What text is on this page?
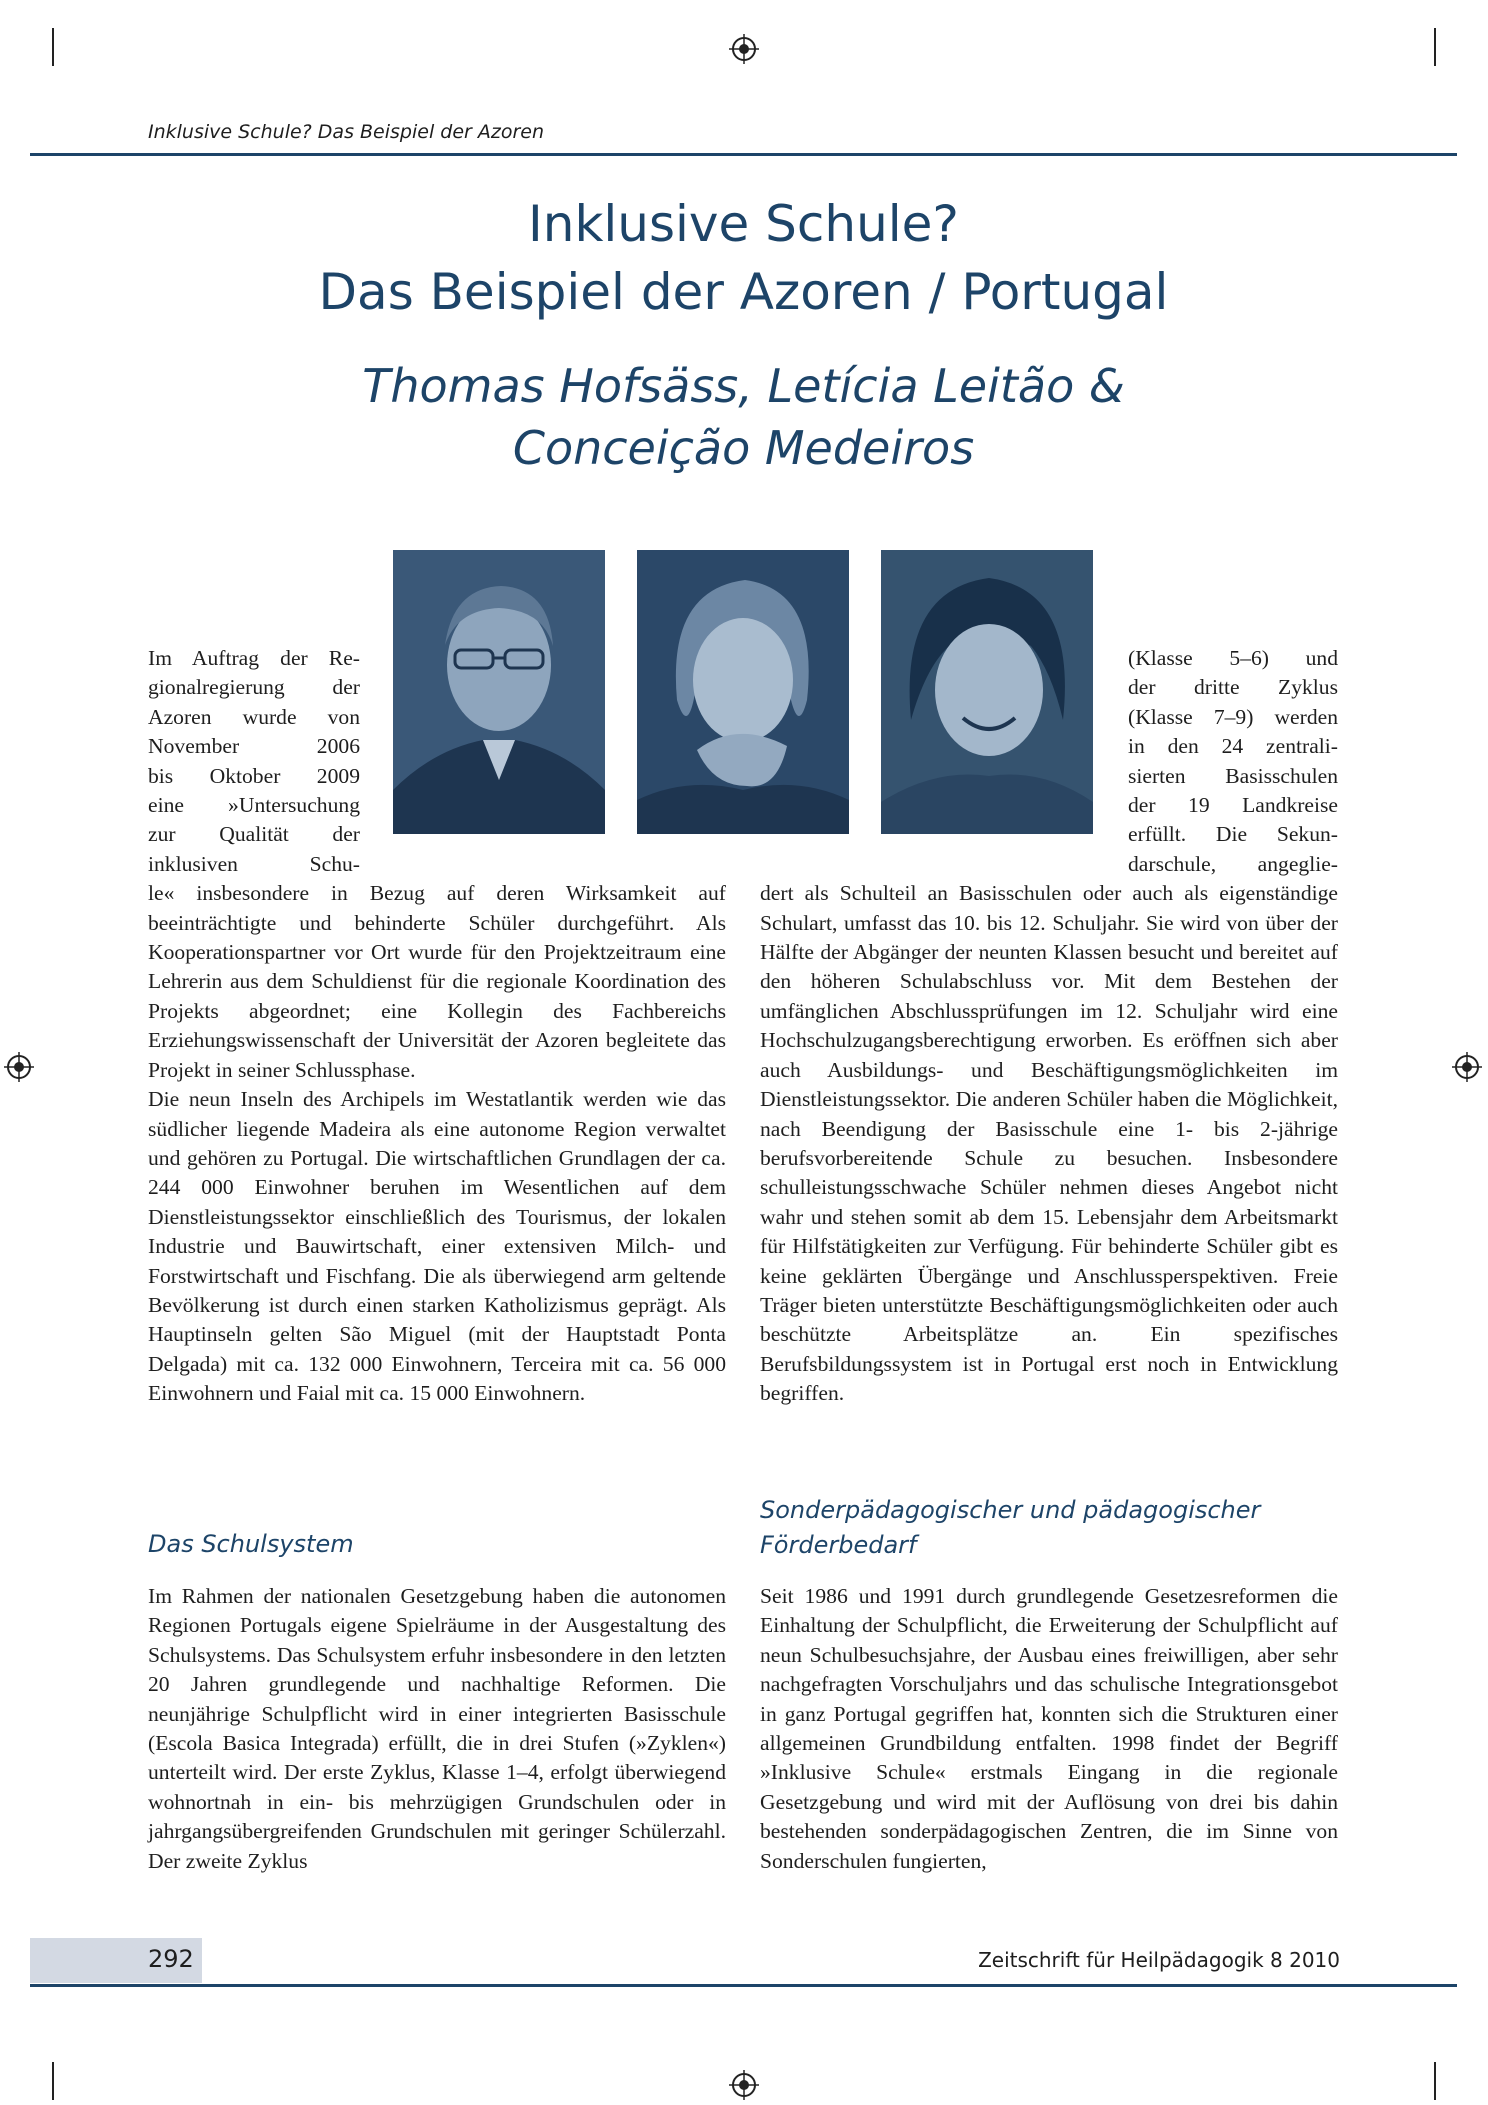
Inklusive Schule? Das Beispiel der Azoren
Inklusive Schule?
Das Beispiel der Azoren / Portugal
Thomas Hofsäss, Letícia Leitão &
Conceição Medeiros

Im Auftrag der Re-

gionalregierung der

Azoren wurde von

November 2006

bis Oktober 2009

eine »Untersuchung

zur Qualität der

inklusiven Schu-

le« insbesondere in Bezug auf deren Wirksamkeit auf beeinträchtigte und behinderte Schüler durchgeführt. Als Kooperationspartner vor Ort wurde für den Projektzeitraum eine Lehrerin aus dem Schuldienst für die regionale Koordination des Projekts abgeordnet; eine Kollegin des Fachbereichs Erziehungswissenschaft der Universität der Azoren begleitete das Projekt in seiner Schlussphase.

Die neun Inseln des Archipels im Westatlantik werden wie das südlicher liegende Madeira als eine autonome Region verwaltet und gehören zu Portugal. Die wirtschaftlichen Grundlagen der ca. 244 000 Einwohner beruhen im Wesentlichen auf dem Dienstleistungssektor einschließlich des Tourismus, der lokalen Industrie und Bauwirtschaft, einer extensiven Milch- und Forstwirtschaft und Fischfang. Die als überwiegend arm geltende Bevölkerung ist durch einen starken Katholizismus geprägt. Als Hauptinseln gelten São Miguel (mit der Hauptstadt Ponta Delgada) mit ca. 132 000 Einwohnern, Terceira mit ca. 56 000 Einwohnern und Faial mit ca. 15 000 Einwohnern.

Das Schulsystem

Im Rahmen der nationalen Gesetzgebung haben die autonomen Regionen Portugals eigene Spielräume in der Ausgestaltung des Schulsystems. Das Schulsystem erfuhr insbesondere in den letzten 20 Jahren grundlegende und nachhaltige Reformen. Die neunjährige Schulpflicht wird in einer integrierten Basisschule (Escola Basica Integrada) erfüllt, die in drei Stufen (»Zyklen«) unterteilt wird. Der erste Zyklus, Klasse 1–4, erfolgt überwiegend wohnortnah in ein- bis mehrzügigen Grundschulen oder in jahrgangsübergreifenden Grundschulen mit geringer Schülerzahl. Der zweite Zyklus

(Klasse 5–6) und

der dritte Zyklus

(Klasse 7–9) werden

in den 24 zentrali-

sierten Basisschulen

der 19 Landkreise

erfüllt. Die Sekun-

darschule, angeglie-

dert als Schulteil an Basisschulen oder auch als eigenständige Schulart, umfasst das 10. bis 12. Schuljahr. Sie wird von über der Hälfte der Abgänger der neunten Klassen besucht und bereitet auf den höheren Schulabschluss vor. Mit dem Bestehen der umfänglichen Abschlussprüfungen im 12. Schuljahr wird eine Hochschulzugangsberechtigung erworben. Es eröffnen sich aber auch Ausbildungs- und Beschäftigungsmöglichkeiten im Dienstleistungssektor. Die anderen Schüler haben die Möglichkeit, nach Beendigung der Basisschule eine 1- bis 2-jährige berufsvorbereitende Schule zu besuchen. Insbesondere schulleistungsschwache Schüler nehmen dieses Angebot nicht wahr und stehen somit ab dem 15. Lebensjahr dem Arbeitsmarkt für Hilfstätigkeiten zur Verfügung. Für behinderte Schüler gibt es keine geklärten Übergänge und Anschlussperspektiven. Freie Träger bieten unterstützte Beschäftigungsmöglichkeiten oder auch beschützte Arbeitsplätze an. Ein spezifisches Berufsbildungssystem ist in Portugal erst noch in Entwicklung begriffen.

Sonderpädagogischer und pädagogischer Förderbedarf

Seit 1986 und 1991 durch grundlegende Gesetzesreformen die Einhaltung der Schulpflicht, die Erweiterung der Schulpflicht auf neun Schulbesuchsjahre, der Ausbau eines freiwilligen, aber sehr nachgefragten Vorschuljahrs und das schulische Integrationsgebot in ganz Portugal gegriffen hat, konnten sich die Strukturen einer allgemeinen Grundbildung entfalten. 1998 findet der Begriff »Inklusive Schule« erstmals Eingang in die regionale Gesetzgebung und wird mit der Auflösung von drei bis dahin bestehenden sonderpädagogischen Zentren, die im Sinne von Sonderschulen fungierten,

292	Zeitschrift für Heilpädagogik 8 2010
